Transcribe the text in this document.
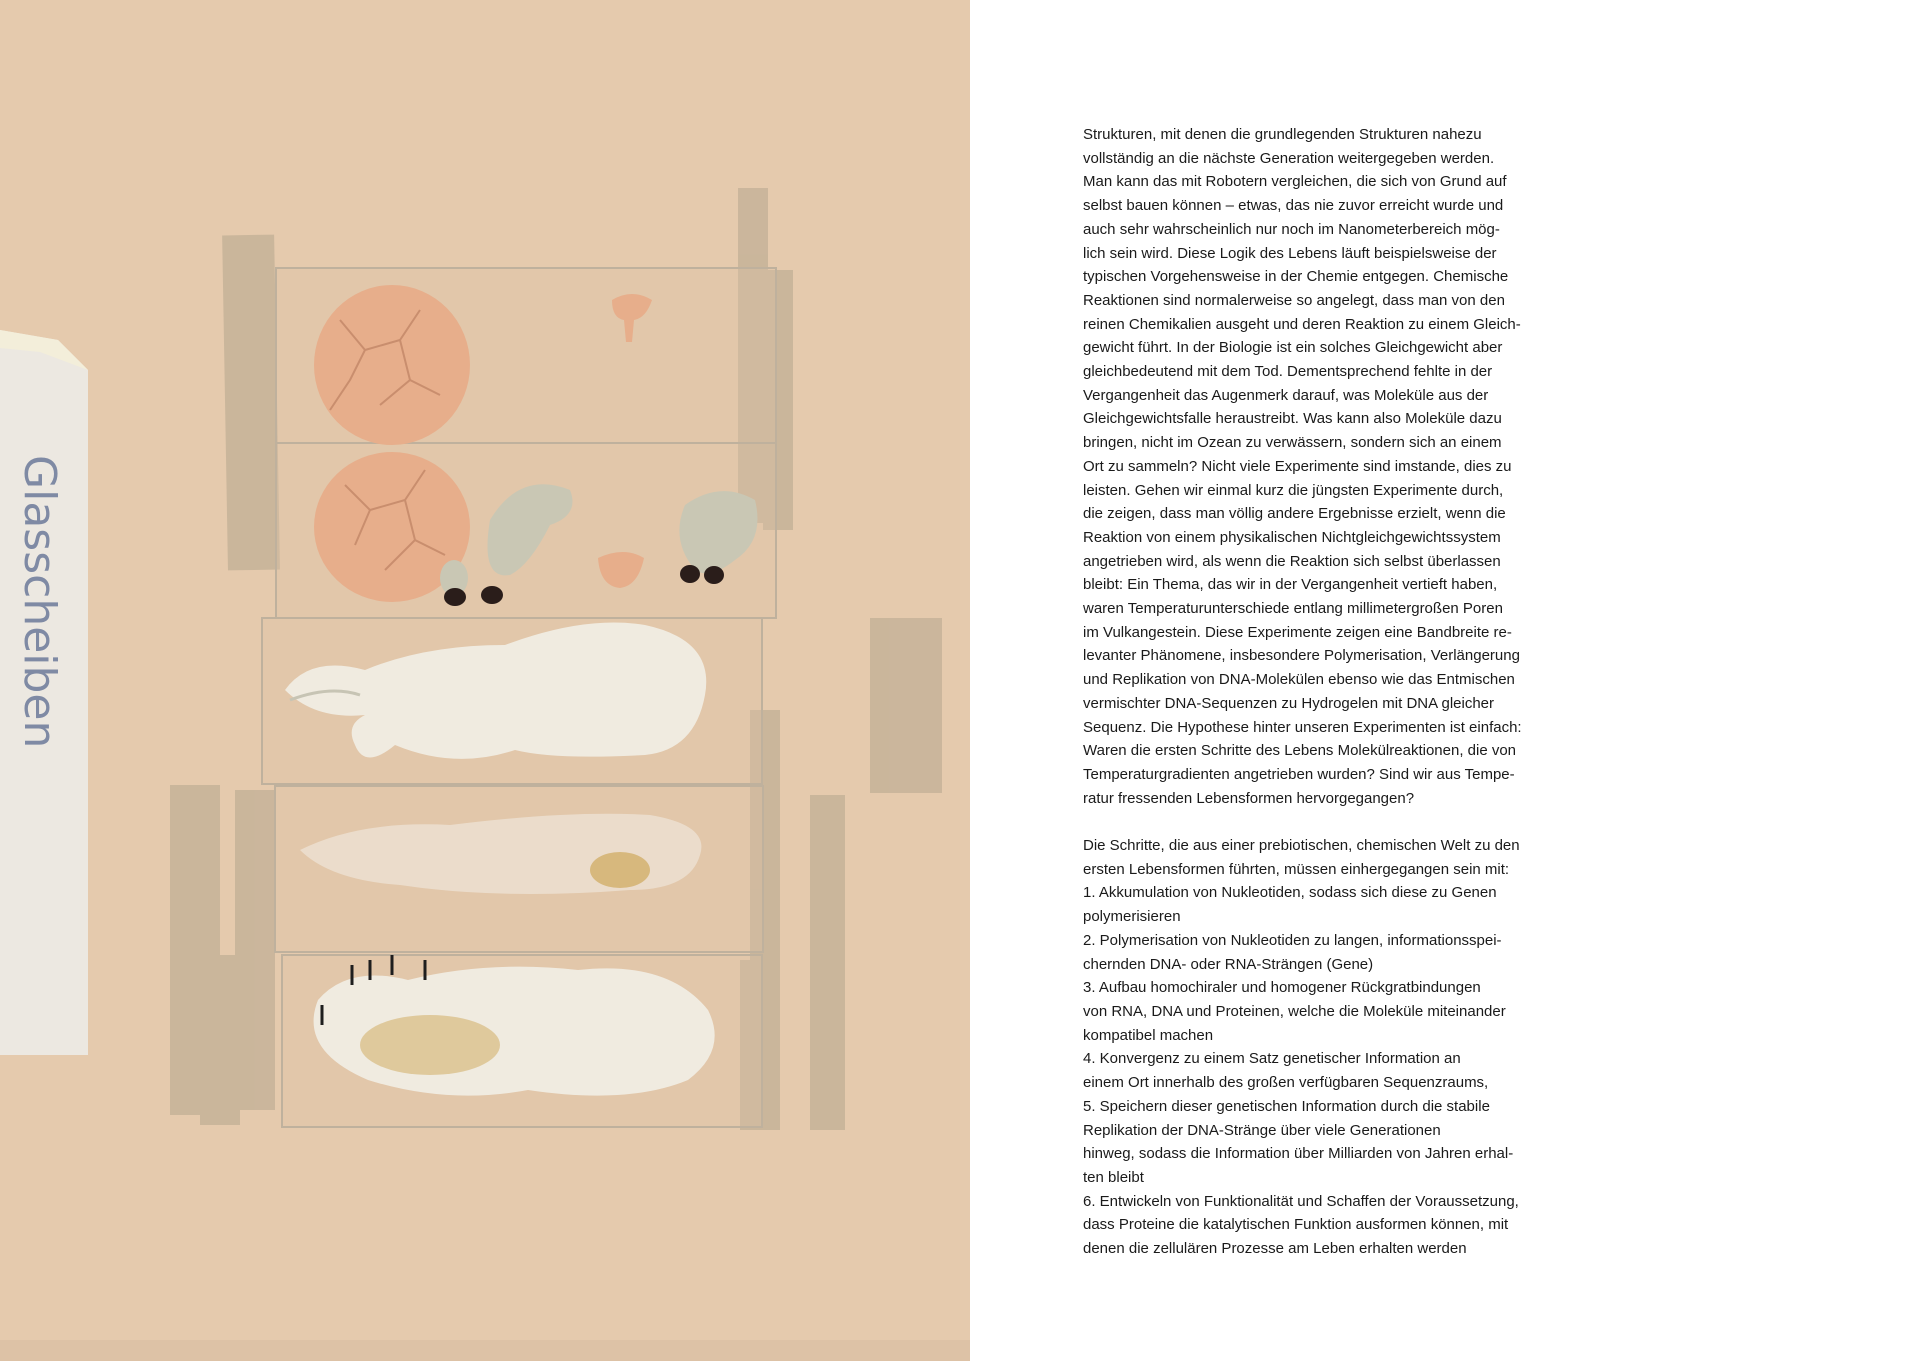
Glasscheiben

Strukturen, mit denen die grundlegenden Strukturen nahezu

vollständig an die nächste Generation weitergegeben werden.

Man kann das mit Robotern vergleichen, die sich von Grund auf

selbst bauen können – etwas, das nie zuvor erreicht wurde und

auch sehr wahrscheinlich nur noch im Nanometerbereich mög-

lich sein wird. Diese Logik des Lebens läuft beispielsweise der

typischen Vorgehensweise in der Chemie entgegen. Chemische

Reaktionen sind normalerweise so angelegt, dass man von den

reinen Chemikalien ausgeht und deren Reaktion zu einem Gleich-

gewicht führt. In der Biologie ist ein solches Gleichgewicht aber

gleichbedeutend mit dem Tod. Dementsprechend fehlte in der

Vergangenheit das Augenmerk darauf, was Moleküle aus der

Gleichgewichtsfalle heraustreibt. Was kann also Moleküle dazu

bringen, nicht im Ozean zu verwässern, sondern sich an einem

Ort zu sammeln? Nicht viele Experimente sind imstande, dies zu

leisten. Gehen wir einmal kurz die jüngsten Experimente durch,

die zeigen, dass man völlig andere Ergebnisse erzielt, wenn die

Reaktion von einem physikalischen Nichtgleichgewichtssystem

angetrieben wird, als wenn die Reaktion sich selbst überlassen

bleibt: Ein Thema, das wir in der Vergangenheit vertieft haben,

waren Temperaturunterschiede entlang millimetergroßen Poren

im Vulkangestein. Diese Experimente zeigen eine Bandbreite re-

levanter Phänomene, insbesondere Polymerisation, Verlängerung

und Replikation von DNA-Molekülen ebenso wie das Entmischen

vermischter DNA-Sequenzen zu Hydrogelen mit DNA gleicher

Sequenz. Die Hypothese hinter unseren Experimenten ist einfach:

Waren die ersten Schritte des Lebens Molekülreaktionen, die von

Temperaturgradienten angetrieben wurden? Sind wir aus Tempe-

ratur fressenden Lebensformen hervorgegangen?

Die Schritte, die aus einer prebiotischen, chemischen Welt zu den

ersten Lebensformen führten, müssen einhergegangen sein mit:

1. Akkumulation von Nukleotiden, sodass sich diese zu Genen

polymerisieren

2. Polymerisation von Nukleotiden zu langen, informationsspei-

chernden DNA- oder RNA-Strängen (Gene)

3. Aufbau homochiraler und homogener Rückgratbindungen

von RNA, DNA und Proteinen, welche die Moleküle miteinander

kompatibel machen

4. Konvergenz zu einem Satz genetischer Information an

einem Ort innerhalb des großen verfügbaren Sequenzraums,

5. Speichern dieser genetischen Information durch die stabile

Replikation der DNA-Stränge über viele Generationen

hinweg, sodass die Information über Milliarden von Jahren erhal-

ten bleibt

6. Entwickeln von Funktionalität und Schaffen der Voraussetzung,

dass Proteine die katalytischen Funktion ausformen können, mit

denen die zellulären Prozesse am Leben erhalten werden
